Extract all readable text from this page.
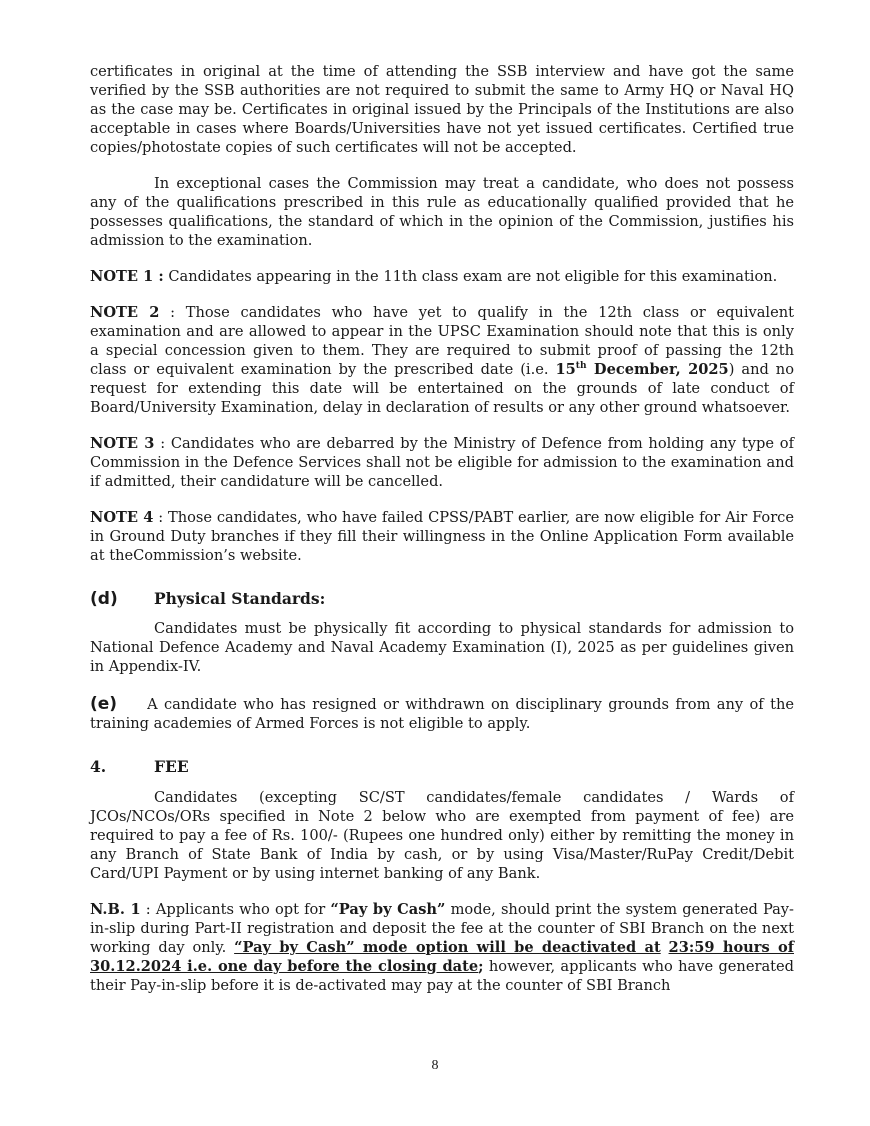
certificates in original at the time of attending the SSB interview and have got the same verified by the SSB authorities are not required to submit the same to Army HQ or Naval HQ as the case may be. Certificates in original issued by the Principals of the Institutions are also acceptable in cases where Boards/Universities have not yet issued certificates. Certified true copies/photostate copies of such certificates will not be accepted.

In exceptional cases the Commission may treat a candidate, who does not possess any of the qualifications prescribed in this rule as educationally qualified provided that he possesses qualifications, the standard of which in the opinion of the Commission, justifies his admission to the examination.

NOTE 1 : Candidates appearing in the 11th class exam are not eligible for this examination.

NOTE 2 : Those candidates who have yet to qualify in the 12th class or equivalent examination and are allowed to appear in the UPSC Examination should note that this is only a special concession given to them. They are required to submit proof of passing the 12th class or equivalent examination by the prescribed date (i.e. 15th December, 2025) and no request for extending this date will be entertained on the grounds of late conduct of Board/University Examination, delay in declaration of results or any other ground whatsoever.

NOTE 3 : Candidates who are debarred by the Ministry of Defence from holding any type of Commission in the Defence Services shall not be eligible for admission to the examination and if admitted, their candidature will be cancelled.

NOTE 4 : Those candidates, who have failed CPSS/PABT earlier, are now eligible for Air Force in Ground Duty branches if they fill their willingness in the Online Application Form available at theCommission’s website.

(d)	Physical Standards:

Candidates must be physically fit according to physical standards for admission to National Defence Academy and Naval Academy Examination (I), 2025 as per guidelines given in Appendix-IV.

(e) A candidate who has resigned or withdrawn on disciplinary grounds from any of the training academies of Armed Forces is not eligible to apply.

4.	FEE

Candidates (excepting SC/ST candidates/female candidates / Wards of JCOs/NCOs/ORs specified in Note 2 below who are exempted from payment of fee) are required to pay a fee of Rs. 100/- (Rupees one hundred only) either by remitting the money in any Branch of State Bank of India by cash, or by using Visa/Master/RuPay Credit/Debit Card/UPI Payment or by using internet banking of any Bank.

N.B. 1 : Applicants who opt for “Pay by Cash” mode, should print the system generated Pay-in-slip during Part-II registration and deposit the fee at the counter of SBI Branch on the next working day only. “Pay by Cash” mode option will be deactivated at 23:59 hours of 30.12.2024 i.e. one day before the closing date; however, applicants who have generated their Pay-in-slip before it is de-activated may pay at the counter of SBI Branch

8
